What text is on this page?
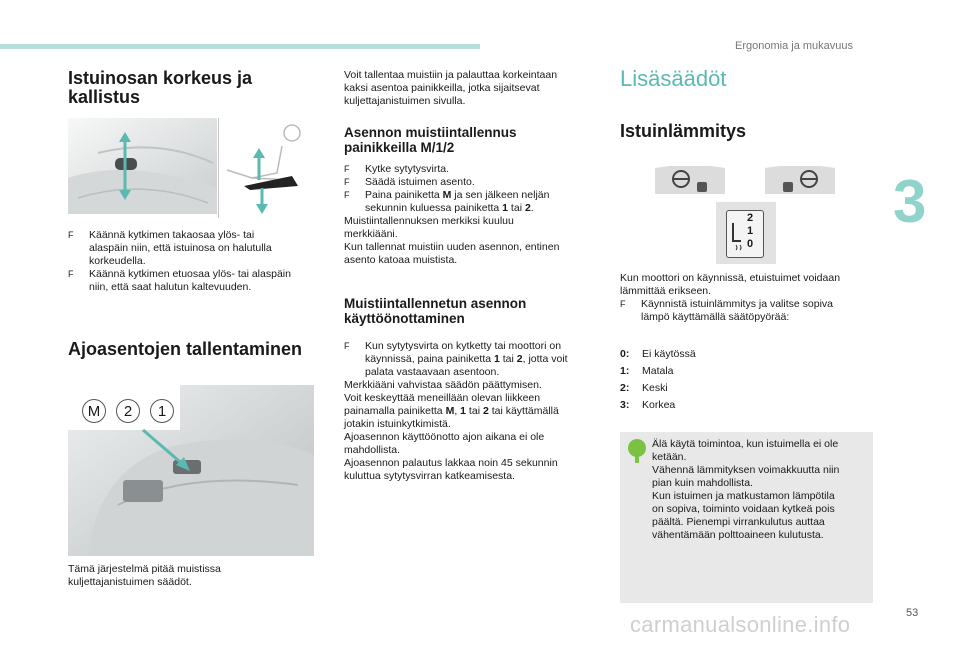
Ergonomia ja mukavuus
3
53
carmanualsonline.info
Istuinosan korkeus ja
kallistus
F Käännä kytkimen takaosaa ylös- tai
alaspäin niin, että istuinosa on halutulla
korkeudella.
F Käännä kytkimen etuosaa ylös- tai alaspäin
niin, että saat halutun kaltevuuden.
Ajoasentojen tallentaminen
M	2	1
Tämä järjestelmä pitää muistissa
kuljettajanistuimen säädöt.
Voit tallentaa muistiin ja palauttaa korkeintaan
kaksi asentoa painikkeilla, jotka sijaitsevat
kuljettajanistuimen sivulla.
Asennon muistiintallennus
painikkeilla M/1/2
F Kytke sytytysvirta.
F Säädä istuimen asento.
F Paina painiketta M ja sen jälkeen neljän
sekunnin kuluessa painiketta 1 tai 2.
Muistiintallennuksen merkiksi kuuluu
merkkiääni.
Kun tallennat muistiin uuden asennon, entinen
asento katoaa muistista.
Muistiintallennetun asennon
käyttöönottaminen
F Kun sytytysvirta on kytketty tai moottori on
käynnissä, paina painiketta 1 tai 2, jotta voit
palata vastaavaan asentoon.
Merkkiääni vahvistaa säädön päättymisen.
Voit keskeyttää meneillään olevan liikkeen
painamalla painiketta M, 1 tai 2 tai käyttämällä
jotakin istuinkytkimistä.
Ajoasennon käyttöönotto ajon aikana ei ole
mahdollista.
Ajoasennon palautus lakkaa noin 45 sekunnin
kuluttua sytytysvirran katkeamisesta.
Lisäsäädöt
Istuinlämmitys
2
1
0
Kun moottori on käynnissä, etuistuimet voidaan
lämmittää erikseen.
F Käynnistä istuinlämmitys ja valitse sopiva
lämpö käyttämällä säätöpyörää:
0:	Ei käytössä
1:	Matala
2:	Keski
3:	Korkea
Älä käytä toimintoa, kun istuimella ei ole
ketään.
Vähennä lämmityksen voimakkuutta niin
pian kuin mahdollista.
Kun istuimen ja matkustamon lämpötila
on sopiva, toiminto voidaan kytkeä pois
päältä. Pienempi virrankulutus auttaa
vähentämään polttoaineen kulutusta.
